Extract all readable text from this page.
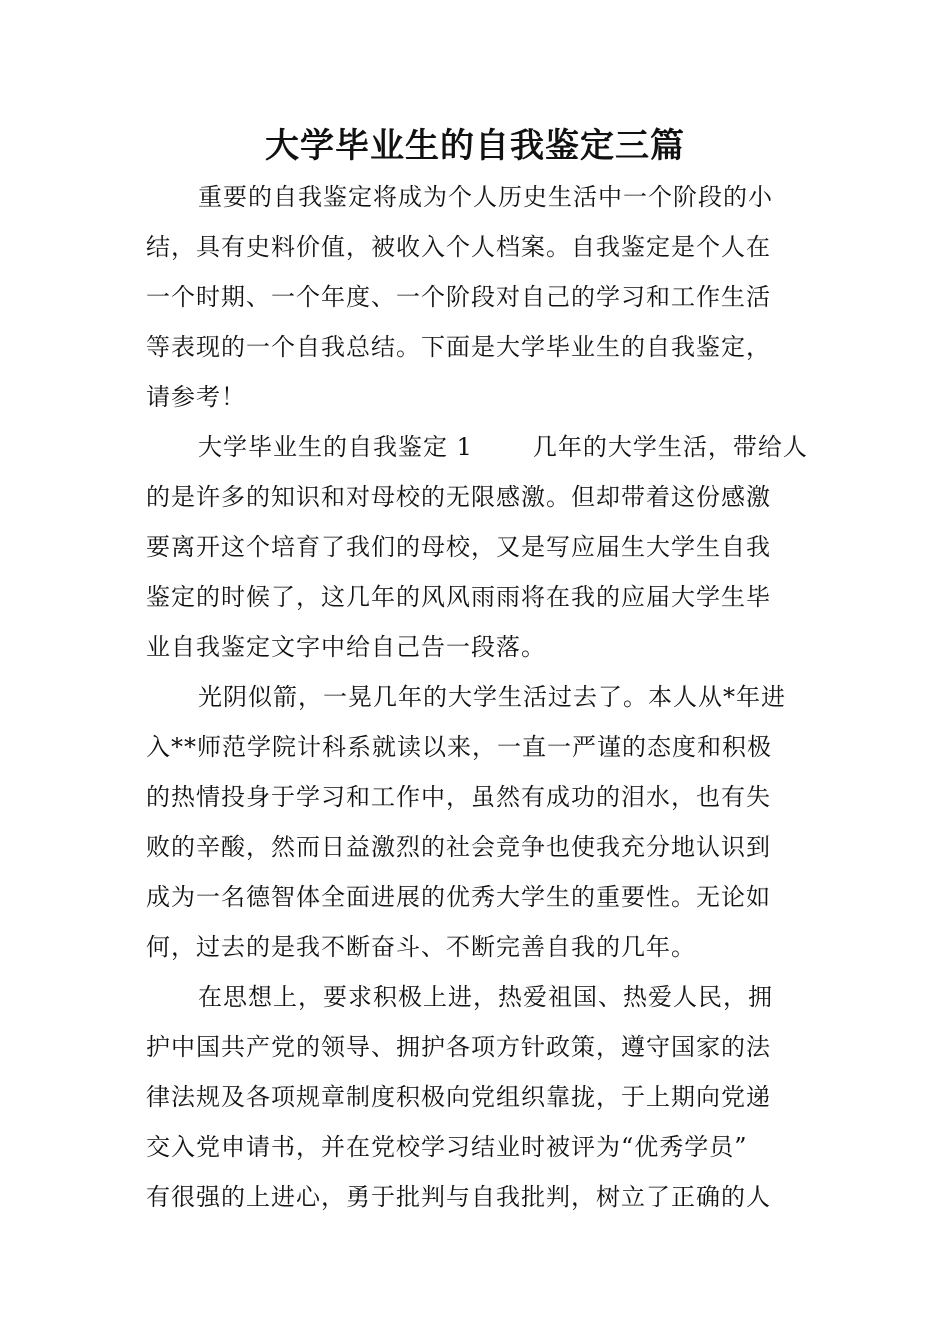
大学毕业生的自我鉴定三篇
重要的自我鉴定将成为个人历史生活中一个阶段的小
结，具有史料价值，被收入个人档案。自我鉴定是个人在
一个时期、一个年度、一个阶段对自己的学习和工作生活
等表现的一个自我总结。下面是大学毕业生的自我鉴定，
请参考！
大学毕业生的自我鉴定 1	几年的大学生活，带给人
的是许多的知识和对母校的无限感激。但却带着这份感激
要离开这个培育了我们的母校，又是写应届生大学生自我
鉴定的时候了，这几年的风风雨雨将在我的应届大学生毕
业自我鉴定文字中给自己告一段落。
光阴似箭，一晃几年的大学生活过去了。本人从*年进
入**师范学院计科系就读以来，一直一严谨的态度和积极
的热情投身于学习和工作中，虽然有成功的泪水，也有失
败的辛酸，然而日益激烈的社会竞争也使我充分地认识到
成为一名德智体全面进展的优秀大学生的重要性。无论如
何，过去的是我不断奋斗、不断完善自我的几年。
在思想上，要求积极上进，热爱祖国、热爱人民，拥
护中国共产党的领导、拥护各项方针政策，遵守国家的法
律法规及各项规章制度积极向党组织靠拢，于上期向党递
交入党申请书，并在党校学习结业时被评为“优秀学员”
有很强的上进心，勇于批判与自我批判，树立了正确的人
